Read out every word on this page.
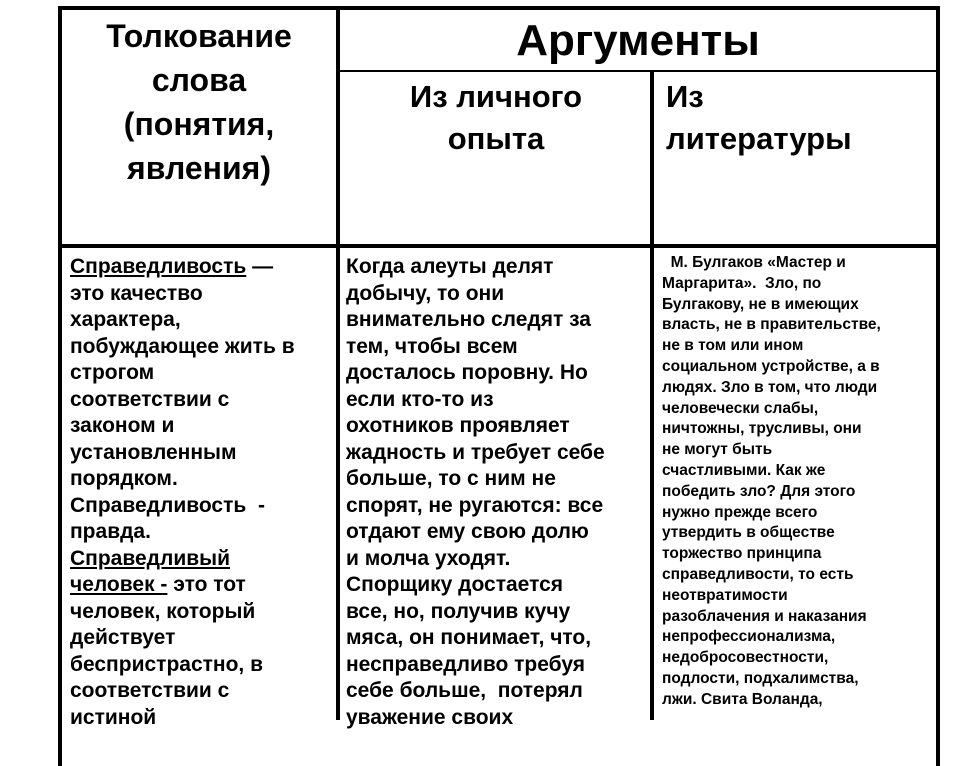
Толкование
слова
(понятия,
явления)
Аргументы
Из личного
опыта
Из
литературы
Справедливость —
это качество
характера,
побуждающее жить в
строгом
соответствии с
законом и
установленным
порядком.
Справедливость  -
правда.
Справедливый
человек - это тот
человек, который
действует
беспристрастно, в
соответствии с
истиной
Когда алеуты делят
добычу, то они
внимательно следят за
тем, чтобы всем
досталось поровну. Но
если кто-то из
охотников проявляет
жадность и требует себе
больше, то с ним не
спорят, не ругаются: все
отдают ему свою долю
и молча уходят.
Спорщику достается
все, но, получив кучу
мяса, он понимает, что,
несправедливо требуя
себе больше,  потерял
уважение своих
М. Булгаков «Мастер и
Маргарита».  Зло, по
Булгакову, не в имеющих
власть, не в правительстве,
не в том или ином
социальном устройстве, а в
людях. Зло в том, что люди
человечески слабы,
ничтожны, трусливы, они
не могут быть
счастливыми. Как же
победить зло? Для этого
нужно прежде всего
утвердить в обществе
торжество принципа
справедливости, то есть
неотвратимости
разоблачения и наказания
непрофессионализма,
недобросовестности,
подлости, подхалимства,
лжи. Свита Воланда,
